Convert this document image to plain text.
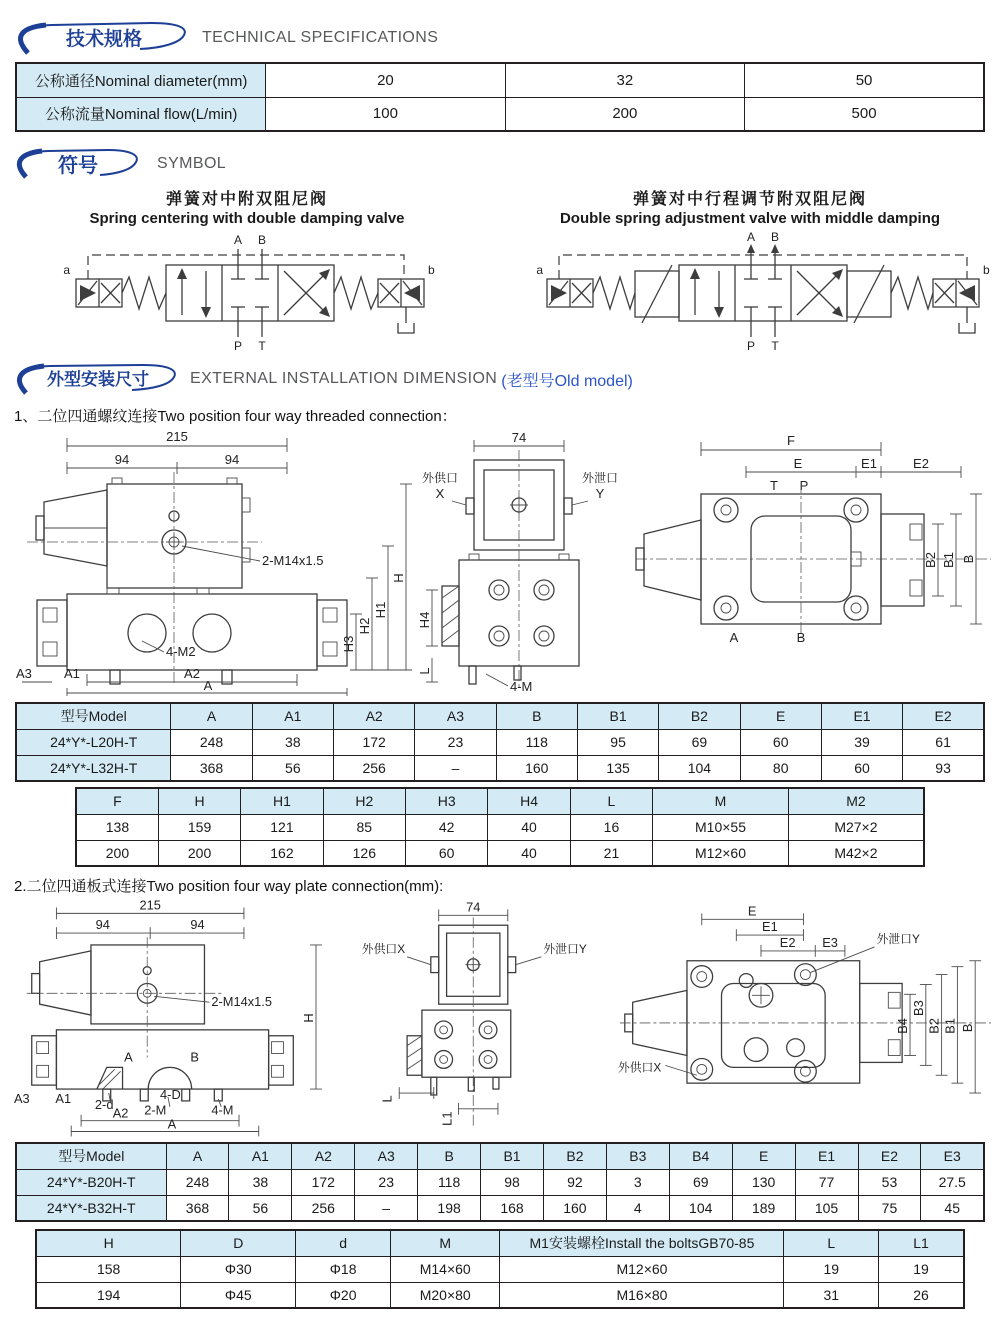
技术规格	TECHNICAL SPECIFICATIONS
公称通径Nominal diameter(mm)	20	32	50
公称流量Nominal flow(L/min)	100	200	500
符号	SYMBOL
弹簧对中附双阻尼阀
Spring centering with double damping valve
a	b
A B
P T
弹簧对中行程调节附双阻尼阀
Double spring adjustment valve with middle damping
a	b
A B
P T
外型安装尺寸	EXTERNAL INSTALLATION DIMENSION (老型号Old model)
1、二位四通螺纹连接Two position four way threaded connection：
215
94	94
2-M14x1.5
4-M2
A2
A
A3 A1
H3
H2
H1
H
74
外供口
X
外泄口
Y
H4
L
4-M
F
E	E1	E2
T P
A	B
B2 B1 B
型号Model	A	A1	A2	A3	B	B1	B2	E	E1	E2
24*Y*-L20H-T	248	38	172	23	118	95	69	60	39	61
24*Y*-L32H-T	368	56	256	–	160	135	104	80	60	93
F	H	H1	H2	H3	H4	L	M	M2
138	159	121	85	42	40	16	M10×55	M27×2
200	200	162	126	60	40	21	M12×60	M42×2
2.二位四通板式连接Two position four way plate connection(mm):
215
94	94
2-M14x1.5
A	B
A3 A1 2-d
4-D
2-M	4-M
A2
A
H
74
外供口X	外泄口Y
L
L1
E
E1
E2 E3	外泄口Y
外供口X
B4
B3
B2 B1 B
型号Model	A	A1	A2	A3	B	B1	B2	B3	B4	E	E1	E2	E3
24*Y*-B20H-T	248	38	172	23	118	98	92	3	69	130	77	53	27.5
24*Y*-B32H-T	368	56	256	–	198	168	160	4	104	189	105	75	45
H	D	d	M	M1安装螺栓Install the boltsGB70-85	L	L1
158	Φ30	Φ18	M14×60	M12×60	19	19
194	Φ45	Φ20	M20×80	M16×80	31	26
